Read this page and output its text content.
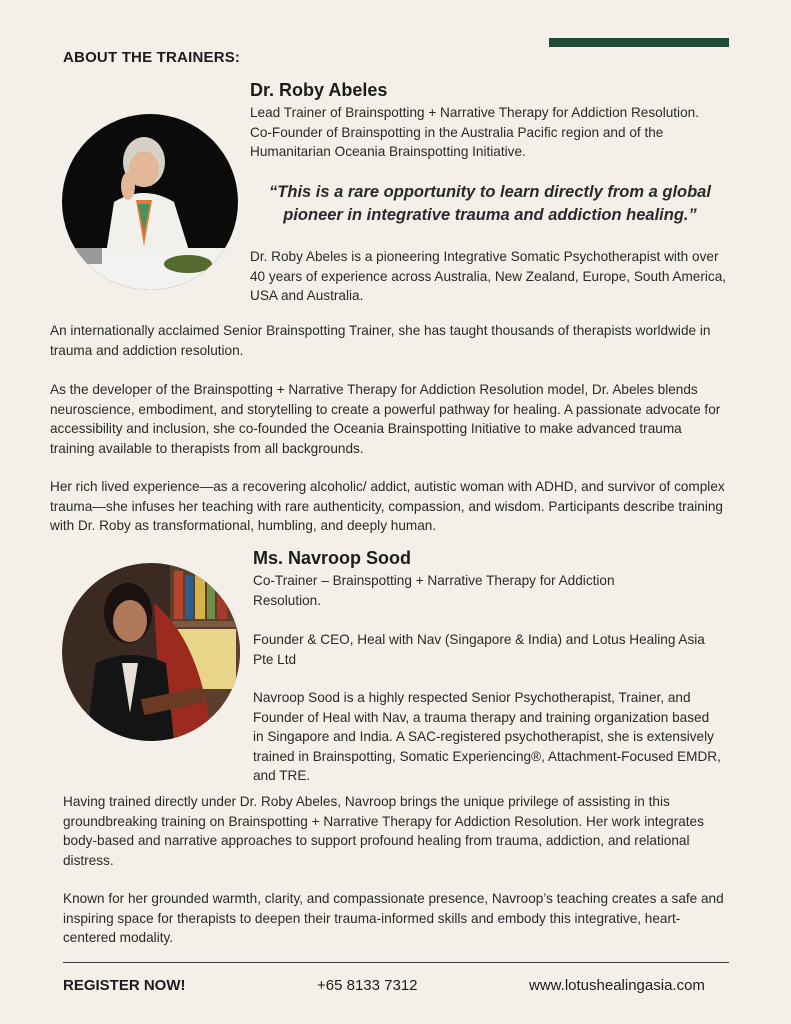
ABOUT THE TRAINERS:
Dr. Roby Abeles
Lead Trainer of Brainspotting + Narrative Therapy for Addiction Resolution. Co-Founder of Brainspotting in the Australia Pacific region and of the Humanitarian Oceania Brainspotting Initiative.
“This is a rare opportunity to learn directly from a global pioneer in integrative trauma and addiction healing.”
Dr. Roby Abeles is a pioneering Integrative Somatic Psychotherapist with over 40 years of experience across Australia, New Zealand, Europe, South America, USA and Australia.
An internationally acclaimed Senior Brainspotting Trainer, she has taught thousands of therapists worldwide in trauma and addiction resolution.
As the developer of the Brainspotting + Narrative Therapy for Addiction Resolution model, Dr. Abeles blends neuroscience, embodiment, and storytelling to create a powerful pathway for healing. A passionate advocate for accessibility and inclusion, she co-founded the Oceania Brainspotting Initiative to make advanced trauma training available to therapists from all backgrounds.
Her rich lived experience—as a recovering alcoholic/ addict, autistic woman with ADHD, and survivor of complex trauma—she infuses her teaching with rare authenticity, compassion, and wisdom. Participants describe training with Dr. Roby as transformational, humbling, and deeply human.
Ms. Navroop Sood
Co-Trainer – Brainspotting + Narrative Therapy for Addiction Resolution.
Founder & CEO, Heal with Nav (Singapore & India) and Lotus Healing Asia Pte Ltd
Navroop Sood is a highly respected Senior Psychotherapist, Trainer, and Founder of Heal with Nav, a trauma therapy and training organization based in Singapore and India. A SAC-registered psychotherapist, she is extensively trained in Brainspotting, Somatic Experiencing®, Attachment-Focused EMDR, and TRE.
Having trained directly under Dr. Roby Abeles, Navroop brings the unique privilege of assisting in this groundbreaking training on Brainspotting + Narrative Therapy for Addiction Resolution. Her work integrates body-based and narrative approaches to support profound healing from trauma, addiction, and relational distress.
Known for her grounded warmth, clarity, and compassionate presence, Navroop’s teaching creates a safe and inspiring space for therapists to deepen their trauma-informed skills and embody this integrative, heart-centered modality.
REGISTER NOW!	+65 8133 7312	www.lotushealingasia.com
